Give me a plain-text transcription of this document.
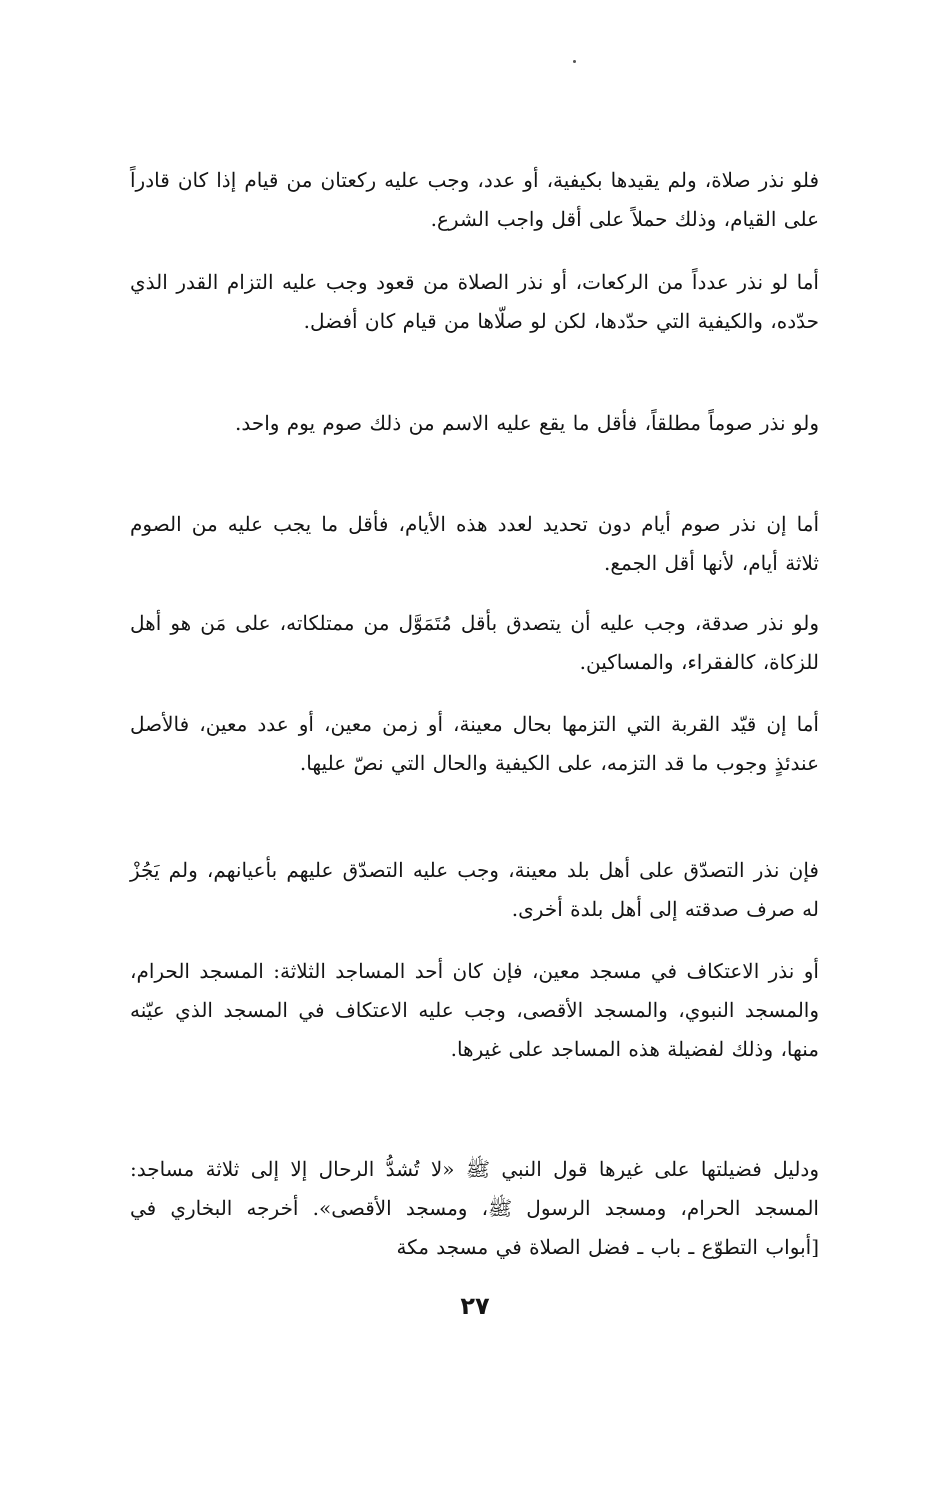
فلو نذر صلاة، ولم يقيدها بكيفية، أو عدد، وجب عليه ركعتان من قيام إذا كان قادراً على القيام، وذلك حملاً على أقل واجب الشرع.

أما لو نذر عدداً من الركعات، أو نذر الصلاة من قعود وجب عليه التزام القدر الذي حدّده، والكيفية التي حدّدها، لكن لو صلّاها من قيام كان أفضل.

ولو نذر صوماً مطلقاً، فأقل ما يقع عليه الاسم من ذلك صوم يوم واحد.

أما إن نذر صوم أيام دون تحديد لعدد هذه الأيام، فأقل ما يجب عليه من الصوم ثلاثة أيام، لأنها أقل الجمع.

ولو نذر صدقة، وجب عليه أن يتصدق بأقل مُتَمَوَّل من ممتلكاته، على مَن هو أهل للزكاة، كالفقراء، والمساكين.

أما إن قيّد القربة التي التزمها بحال معينة، أو زمن معين، أو عدد معين، فالأصل عندئذٍ وجوب ما قد التزمه، على الكيفية والحال التي نصّ عليها.

فإن نذر التصدّق على أهل بلد معينة، وجب عليه التصدّق عليهم بأعيانهم، ولم يَجُزْ له صرف صدقته إلى أهل بلدة أخرى.

أو نذر الاعتكاف في مسجد معين، فإن كان أحد المساجد الثلاثة: المسجد الحرام، والمسجد النبوي، والمسجد الأقصى، وجب عليه الاعتكاف في المسجد الذي عيّنه منها، وذلك لفضيلة هذه المساجد على غيرها.

ودليل فضيلتها على غيرها قول النبي ﷺ «لا تُشدُّ الرحال إلا إلى ثلاثة مساجد: المسجد الحرام، ومسجد الرسول ﷺ، ومسجد الأقصى». أخرجه البخاري في [أبواب التطوّع ـ باب ـ فضل الصلاة في مسجد مكة

٢٧
